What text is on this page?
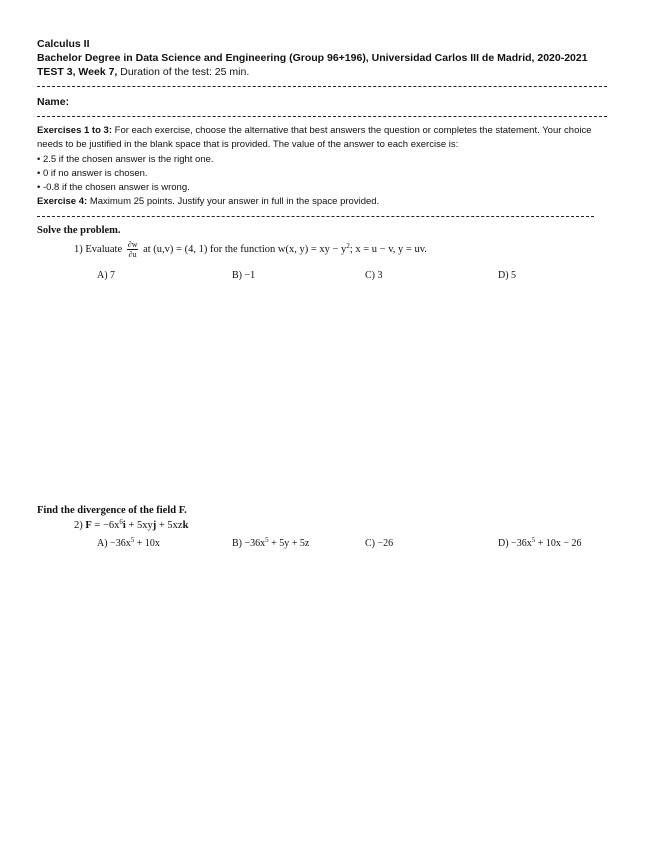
Calculus II
Bachelor Degree in Data Science and Engineering (Group 96+196), Universidad Carlos III de Madrid, 2020-2021
TEST 3, Week 7, Duration of the test: 25 min.
Name:
Exercises 1 to 3: For each exercise, choose the alternative that best answers the question or completes the statement. Your choice
needs to be justified in the blank space that is provided. The value of the answer to each exercise is:
• 2.5 if the chosen answer is the right one.
• 0 if no answer is chosen.
• -0.8 if the chosen answer is wrong.
Exercise 4: Maximum 25 points. Justify your answer in full in the space provided.
Solve the problem.
1) Evaluate $\frac{\partial w}{\partial u}$ at (u,v) = (4, 1) for the function w(x, y) = xy − $y^2$; x = u − v, y = uv.
A) 7	B) −1	C) 3	D) 5
Find the divergence of the field F.
2) $F = -6x^6i + 5xyj + 5xzk$
$A) -36x^5 + 10x$	$B) -36x^5 + 5y + 5z$	C) −26	$D) -36x^5 + 10x - 26$
